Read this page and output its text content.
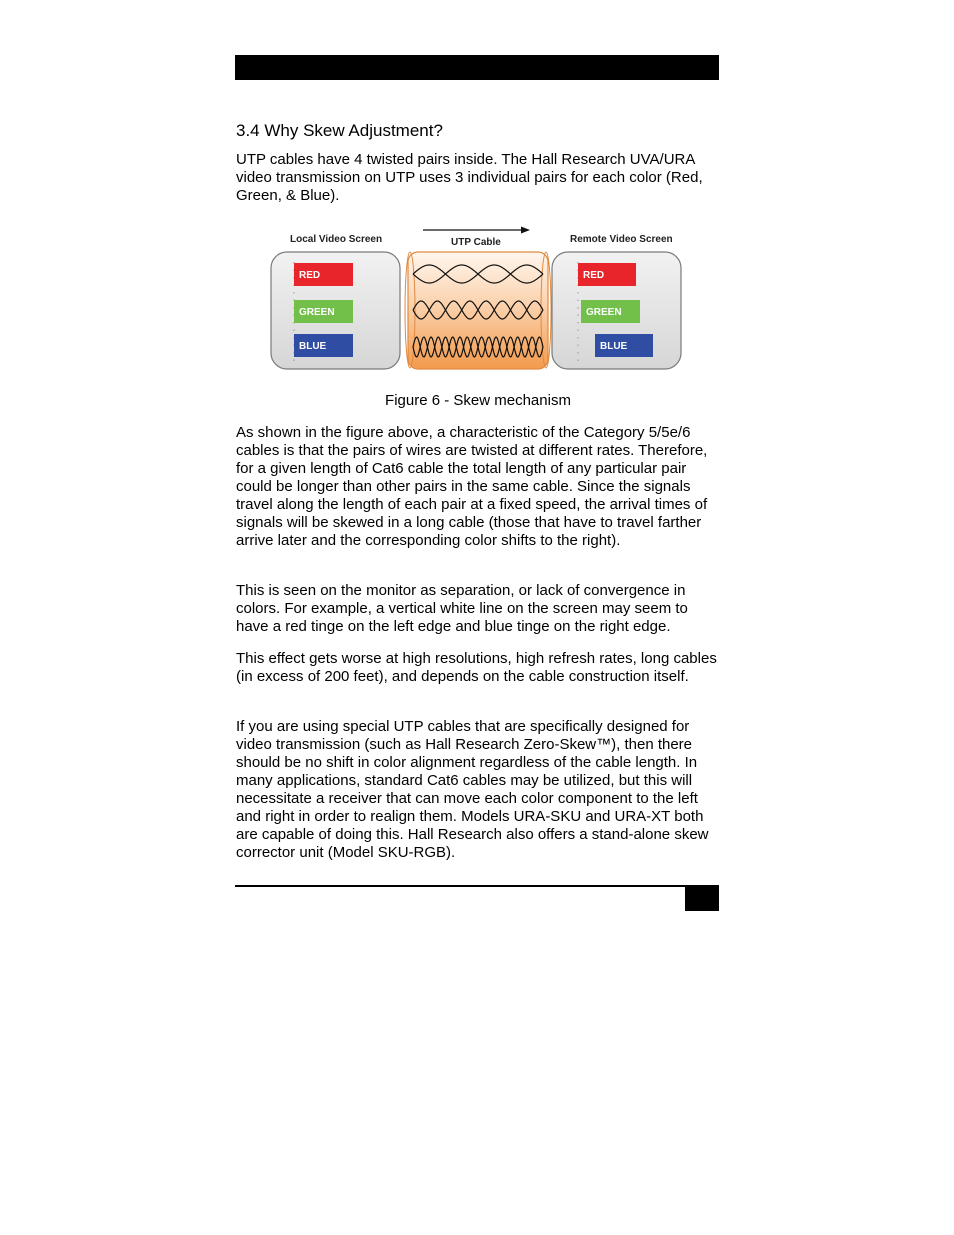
3.4 Why Skew Adjustment?

UTP cables have 4 twisted pairs inside. The Hall Research UVA/URA video transmission on UTP uses 3 individual pairs for each color (Red, Green, & Blue).

Local Video Screen	UTP Cable	Remote Video Screen
RED
GREEN
BLUE
RED
GREEN
BLUE
Figure 6 - Skew mechanism

As shown in the figure above, a characteristic of the Category 5/5e/6 cables is that the pairs of wires are twisted at different rates. Therefore, for a given length of Cat6 cable the total length of any particular pair could be longer than other pairs in the same cable. Since the signals travel along the length of each pair at a fixed speed, the arrival times of signals will be skewed in a long cable (those that have to travel farther arrive later and the corresponding color shifts to the right).

This is seen on the monitor as separation, or lack of convergence in colors. For example, a vertical white line on the screen may seem to have a red tinge on the left edge and blue tinge on the right edge.

This effect gets worse at high resolutions, high refresh rates, long cables (in excess of 200 feet), and depends on the cable construction itself.

If you are using special UTP cables that are specifically designed for video transmission (such as Hall Research Zero-Skew™), then there should be no shift in color alignment regardless of the cable length. In many applications, standard Cat6 cables may be utilized, but this will necessitate a receiver that can move each color component to the left and right in order to realign them. Models URA-SKU and URA-XT both are capable of doing this. Hall Research also offers a stand-alone skew corrector unit (Model SKU-RGB).
